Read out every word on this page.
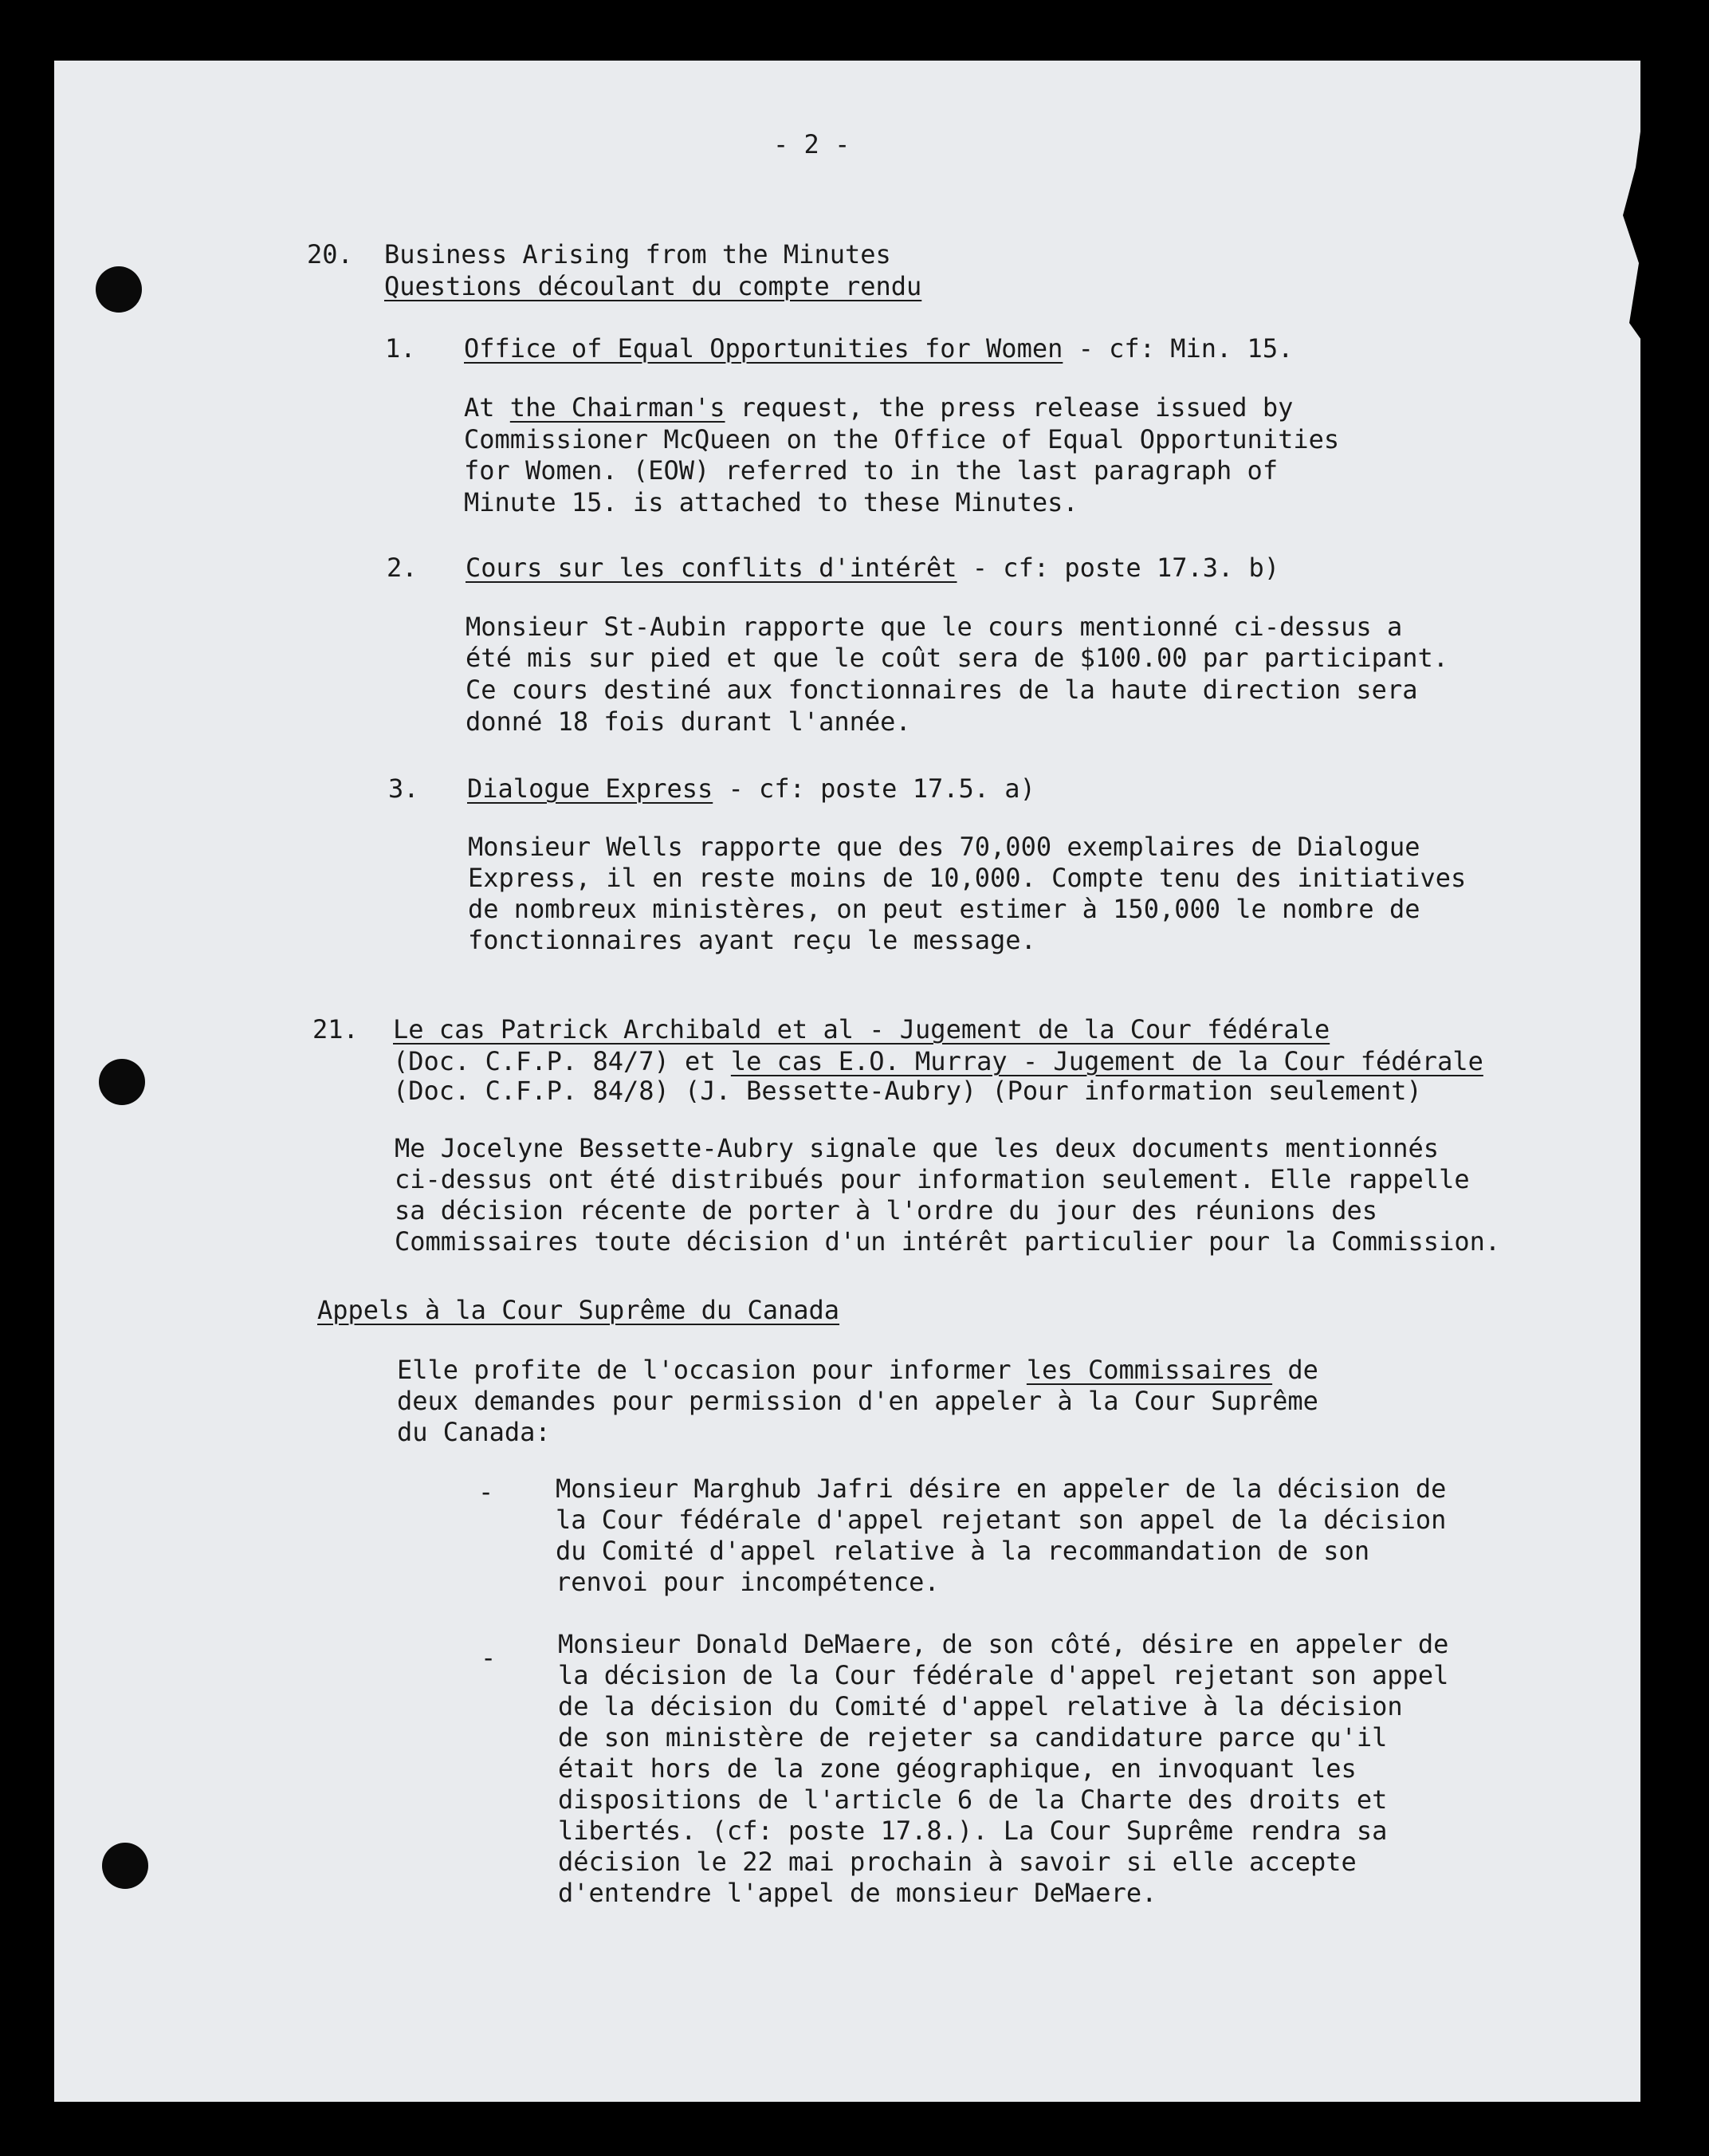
- 2 -
20. Business Arising from the Minutes
Questions découlant du compte rendu
1. Office of Equal Opportunities for Women - cf: Min. 15.
At the Chairman's request, the press release issued by
Commissioner McQueen on the Office of Equal Opportunities
for Women. (EOW) referred to in the last paragraph of
Minute 15. is attached to these Minutes.
2. Cours sur les conflits d'intérêt - cf: poste 17.3. b)
Monsieur St-Aubin rapporte que le cours mentionné ci-dessus a
été mis sur pied et que le coût sera de $100.00 par participant.
Ce cours destiné aux fonctionnaires de la haute direction sera
donné 18 fois durant l'année.
3. Dialogue Express - cf: poste 17.5. a)
Monsieur Wells rapporte que des 70,000 exemplaires de Dialogue
Express, il en reste moins de 10,000. Compte tenu des initiatives
de nombreux ministères, on peut estimer à 150,000 le nombre de
fonctionnaires ayant reçu le message.
21. Le cas Patrick Archibald et al - Jugement de la Cour fédérale
(Doc. C.F.P. 84/7) et le cas E.O. Murray - Jugement de la Cour fédérale
(Doc. C.F.P. 84/8) (J. Bessette-Aubry) (Pour information seulement)
Me Jocelyne Bessette-Aubry signale que les deux documents mentionnés
ci-dessus ont été distribués pour information seulement. Elle rappelle
sa décision récente de porter à l'ordre du jour des réunions des
Commissaires toute décision d'un intérêt particulier pour la Commission.
Appels à la Cour Suprême du Canada
Elle profite de l'occasion pour informer les Commissaires de
deux demandes pour permission d'en appeler à la Cour Suprême
du Canada:
- Monsieur Marghub Jafri désire en appeler de la décision de
la Cour fédérale d'appel rejetant son appel de la décision
du Comité d'appel relative à la recommandation de son
renvoi pour incompétence.
- Monsieur Donald DeMaere, de son côté, désire en appeler de
la décision de la Cour fédérale d'appel rejetant son appel
de la décision du Comité d'appel relative à la décision
de son ministère de rejeter sa candidature parce qu'il
était hors de la zone géographique, en invoquant les
dispositions de l'article 6 de la Charte des droits et
libertés. (cf: poste 17.8.). La Cour Suprême rendra sa
décision le 22 mai prochain à savoir si elle accepte
d'entendre l'appel de monsieur DeMaere.
